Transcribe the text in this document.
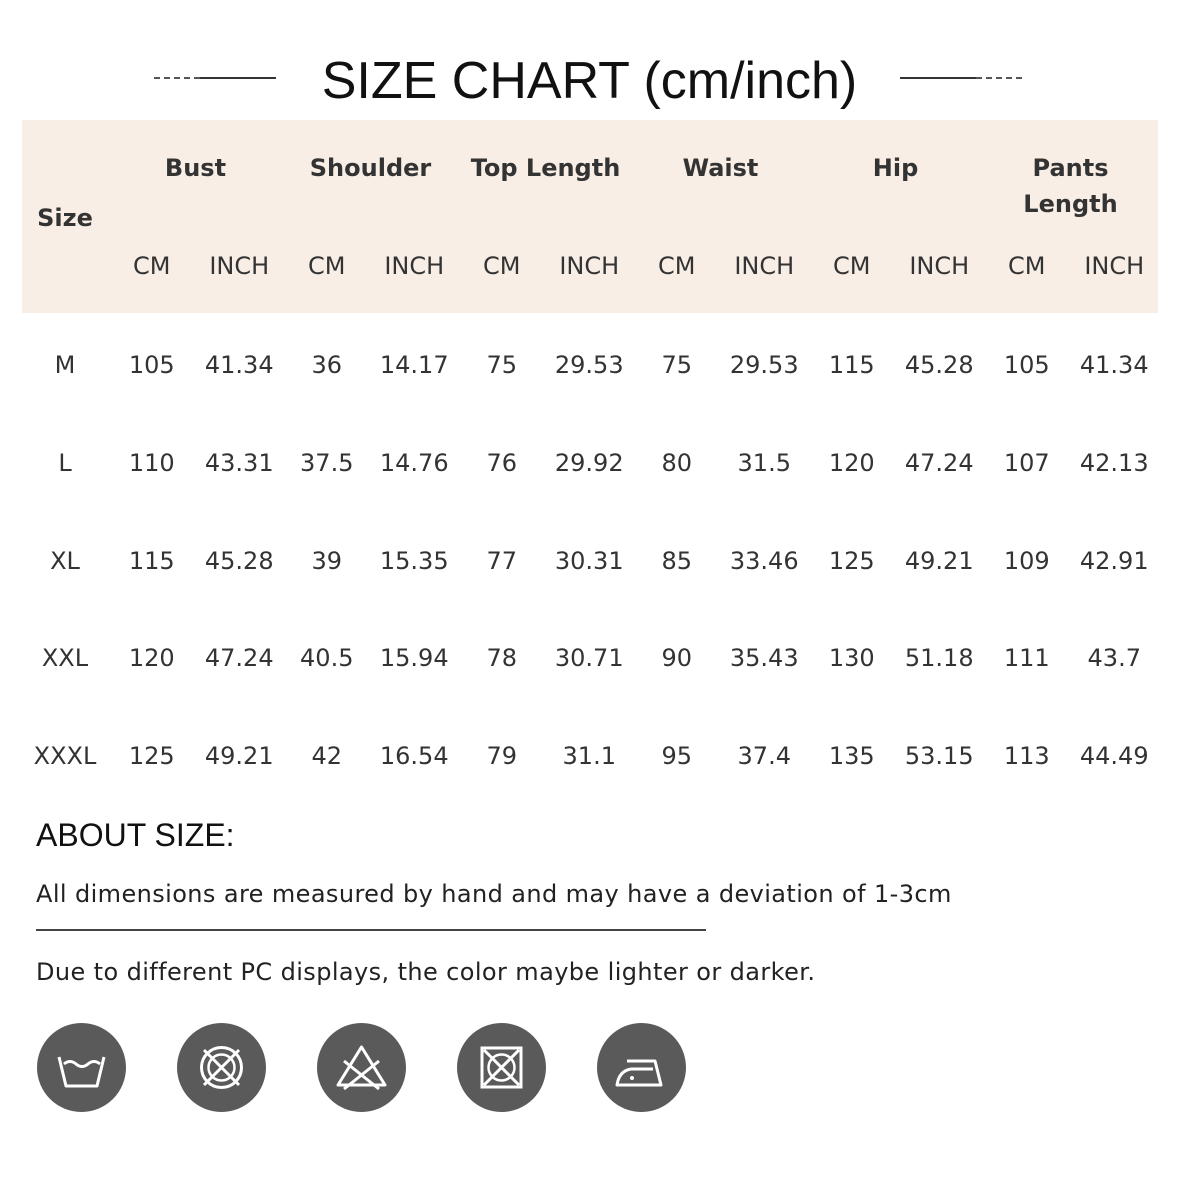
SIZE CHART (cm/inch)
Size
Bust	Shoulder	Top Length	Waist	Hip	Pants Length
CM	INCH	CM	INCH	CM	INCH	CM	INCH	CM	INCH	CM	INCH
M	105	41.34	36	14.17	75	29.53	75	29.53	115	45.28	105	41.34
L	110	43.31	37.5	14.76	76	29.92	80	31.5	120	47.24	107	42.13
XL	115	45.28	39	15.35	77	30.31	85	33.46	125	49.21	109	42.91
XXL	120	47.24	40.5	15.94	78	30.71	90	35.43	130	51.18	111	43.7
XXXL	125	49.21	42	16.54	79	31.1	95	37.4	135	53.15	113	44.49
ABOUT SIZE:
All dimensions are measured by hand and may have a deviation of 1-3cm
Due to different PC displays, the color maybe lighter or darker.
